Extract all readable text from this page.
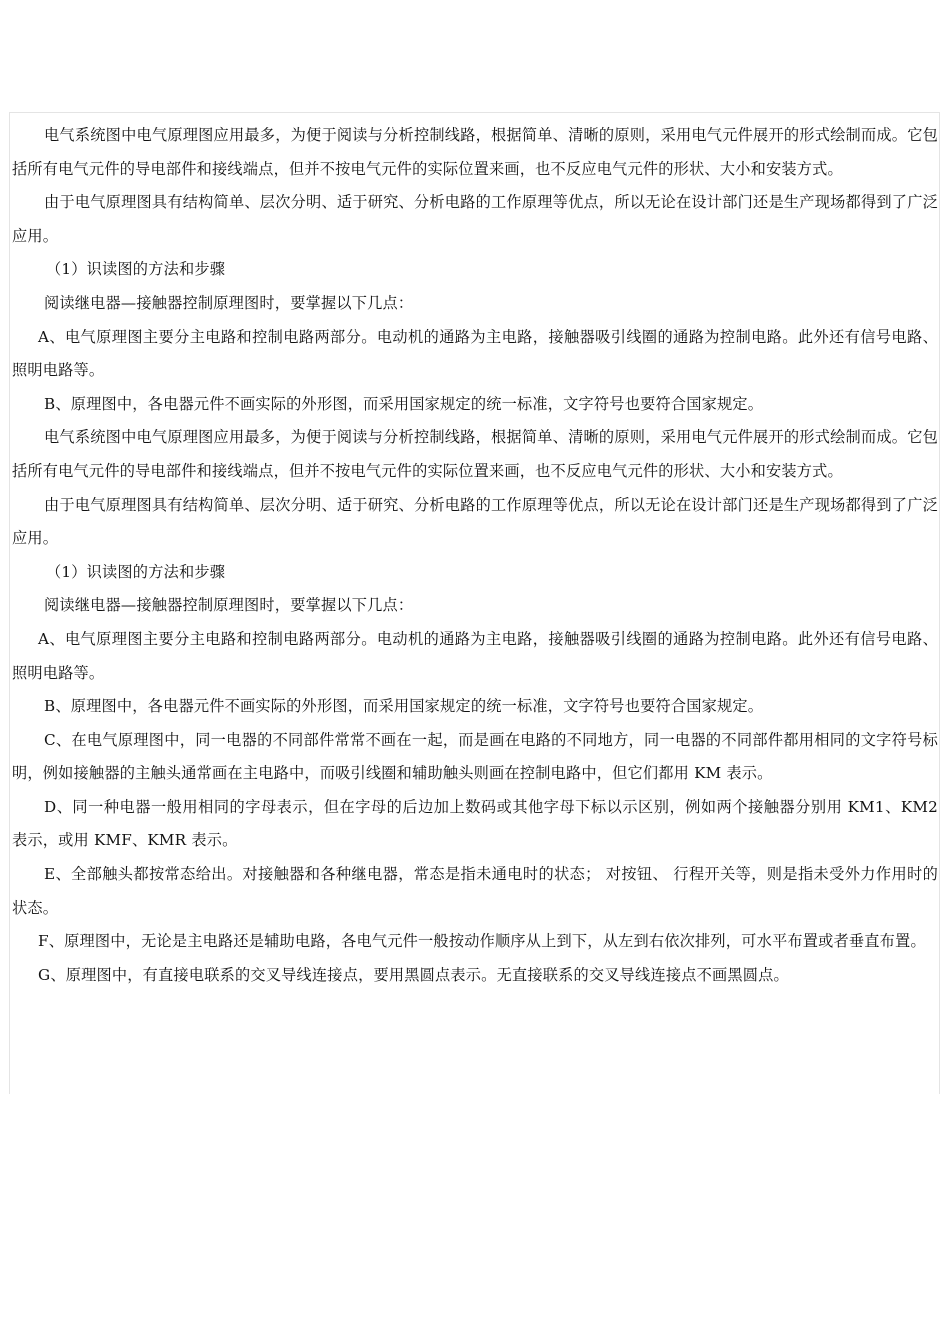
电气系统图中电气原理图应用最多，为便于阅读与分析控制线路，根据简单、清晰的原则，采用电气元件展开的形式绘制而成。它包括所有电气元件的导电部件和接线端点，但并不按电气元件的实际位置来画，也不反应电气元件的形状、大小和安装方式。

由于电气原理图具有结构简单、层次分明、适于研究、分析电路的工作原理等优点，所以无论在设计部门还是生产现场都得到了广泛应用。

（1）识读图的方法和步骤

阅读继电器—接触器控制原理图时，要掌握以下几点：

A、电气原理图主要分主电路和控制电路两部分。电动机的通路为主电路，接触器吸引线圈的通路为控制电路。此外还有信号电路、 照明电路等。

B、原理图中，各电器元件不画实际的外形图，而采用国家规定的统一标准，文字符号也要符合国家规定。

电气系统图中电气原理图应用最多，为便于阅读与分析控制线路，根据简单、清晰的原则，采用电气元件展开的形式绘制而成。它包括所有电气元件的导电部件和接线端点，但并不按电气元件的实际位置来画，也不反应电气元件的形状、大小和安装方式。

由于电气原理图具有结构简单、层次分明、适于研究、分析电路的工作原理等优点，所以无论在设计部门还是生产现场都得到了广泛应用。

（1）识读图的方法和步骤

阅读继电器—接触器控制原理图时，要掌握以下几点：

A、电气原理图主要分主电路和控制电路两部分。电动机的通路为主电路，接触器吸引线圈的通路为控制电路。此外还有信号电路、 照明电路等。

B、原理图中，各电器元件不画实际的外形图，而采用国家规定的统一标准，文字符号也要符合国家规定。

C、在电气原理图中，同一电器的不同部件常常不画在一起，而是画在电路的不同地方，同一电器的不同部件都用相同的文字符号标明，例如接触器的主触头通常画在主电路中，而吸引线圈和辅助触头则画在控制电路中，但它们都用 KM 表示。

D、同一种电器一般用相同的字母表示，但在字母的后边加上数码或其他字母下标以示区别，例如两个接触器分别用 KM1、KM2 表示，或用 KMF、KMR 表示。

E、全部触头都按常态给出。对接触器和各种继电器，常态是指未通电时的状态； 对按钮、 行程开关等，则是指未受外力作用时的状态。

F、原理图中，无论是主电路还是辅助电路，各电气元件一般按动作顺序从上到下，从左到右依次排列，可水平布置或者垂直布置。

G、原理图中，有直接电联系的交叉导线连接点，要用黑圆点表示。无直接联系的交叉导线连接点不画黑圆点。
